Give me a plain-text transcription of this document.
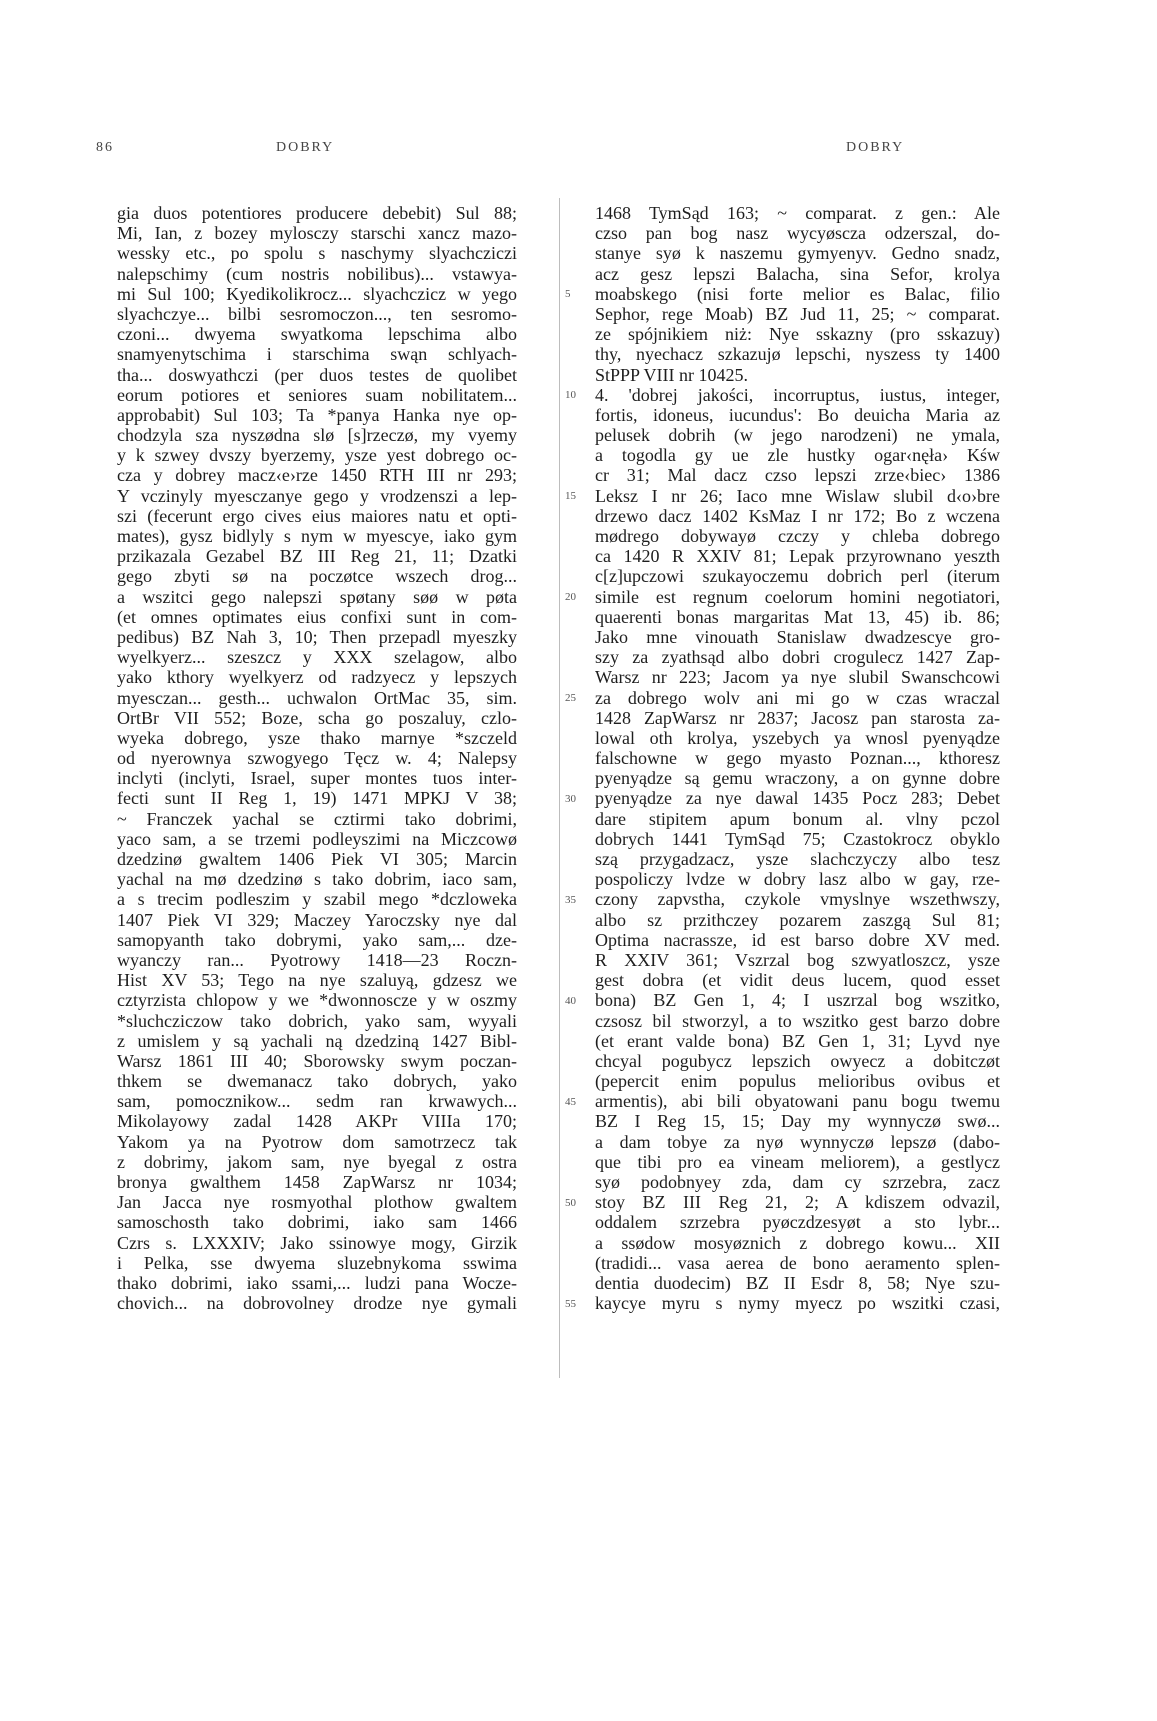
86	DOBRY	DOBRY
gia duos potentiores producere debebit) Sul 88;
Mi, Ian, z bozey mylosczy starschi xancz mazo-
wessky etc., po spolu s naschymy slyachcziczi
nalepschimy (cum nostris nobilibus)... vstawya-
mi Sul 100; Kyedikolikrocz... slyachczicz w yego
slyachczye... bilbi sesromoczon..., ten sesromo-
czoni... dwyema swyatkoma lepschima albo
snamyenytschima i starschima swąn schlyach-
tha... doswyathczi (per duos testes de quolibet
eorum potiores et seniores suam nobilitatem...
approbabit) Sul 103; Ta *panya Hanka nye op-
chodzyla sza nyszødna slø [s]rzeczø, my vyemy
y k szwey dvszy byerzemy, ysze yest dobrego oc-
cza y dobrey macz‹e›rze 1450 RTH III nr 293;
Y vczinyly myesczanye gego y vrodzenszi a lep-
szi (fecerunt ergo cives eius maiores natu et opti-
mates), gysz bidlyly s nym w myescye, iako gym
przikazala Gezabel BZ III Reg 21, 11; Dzatki
gego zbyti sø na poczøtce wszech drog...
a wszitci gego nalepszi spøtany søø w pøta
(et omnes optimates eius confixi sunt in com-
pedibus) BZ Nah 3, 10; Then przepadl myeszky
wyelkyerz... szeszcz y XXX szelagow, albo
yako kthory wyelkyerz od radzyecz y lepszych
myesczan... gesth... uchwalon OrtMac 35, sim.
OrtBr VII 552; Boze, scha go poszaluy, czlo-
wyeka dobrego, ysze thako marnye *szczeld
od nyerownya szwogyego Tęcz w. 4; Nalepsy
inclyti (inclyti, Israel, super montes tuos inter-
fecti sunt II Reg 1, 19) 1471 MPKJ V 38;
~ Franczek yachal se cztirmi tako dobrimi,
yaco sam, a se trzemi podleyszimi na Miczcowø
dzedzinø gwaltem 1406 Piek VI 305; Marcin
yachal na mø dzedzinø s tako dobrim, iaco sam,
a s trecim podleszim y szabil mego *dczloweka
1407 Piek VI 329; Maczey Yaroczsky nye dal
samopyanth tako dobrymi, yako sam,... dze-
wyanczy ran... Pyotrowy 1418—23 Roczn-
Hist XV 53; Tego na nye szaluyą, gdzesz we
cztyrzista chlopow y we *dwonnoscze y w oszmy
*sluchcziczow tako dobrich, yako sam, wyyali
z umislem y są yachali ną dzedziną 1427 Bibl-
Warsz 1861 III 40; Sborowsky swym poczan-
thkem se dwemanacz tako dobrych, yako
sam, pomocznikow... sedm ran krwawych...
Mikolayowy zadal 1428 AKPr VIIIa 170;
Yakom ya na Pyotrow dom samotrzecz tak
z dobrimy, jakom sam, nye byegal z ostra
bronya gwalthem 1458 ZapWarsz nr 1034;
Jan Jacca nye rosmyothal plothow gwaltem
samoschosth tako dobrimi, iako sam 1466
Czrs s. LXXXIV; Jako ssinowye mogy, Girzik
i Pelka, sse dwyema sluzebnykoma sswima
thako dobrimi, iako ssami,... ludzi pana Wocze-
chovich... na dobrovolney drodze nye gymali
5
10
15
20
25
30
35
40
45
50
55
1468 TymSąd 163; ~ comparat. z gen.: Ale
czso pan bog nasz wycyøscza odzerszal, do-
stanye syø k naszemu gymyenyv. Gedno snadz,
acz gesz lepszi Balacha, sina Sefor, krolya
moabskego (nisi forte melior es Balac, filio
Sephor, rege Moab) BZ Jud 11, 25; ~ comparat.
ze spójnikiem niż: Nye sskazny (pro sskazuy)
thy, nyechacz szkazujø lepschi, nyszess ty 1400
StPPP VIII nr 10425.
4. 'dobrej jakości, incorruptus, iustus, integer,
fortis, idoneus, iucundus': Bo deuicha Maria az
pelusek dobrih (w jego narodzeni) ne ymala,
a togodla gy ue zle hustky ogar‹nęła› Kśw
cr 31; Mal dacz czso lepszi zrze‹biec› 1386
Leksz I nr 26; Iaco mne Wislaw slubil d‹o›bre
drzewo dacz 1402 KsMaz I nr 172; Bo z wczena
mødrego dobywayø czczy y chleba dobrego
ca 1420 R XXIV 81; Lepak przyrownano yeszth
c[z]upczowi szukayoczemu dobrich perl (iterum
simile est regnum coelorum homini negotiatori,
quaerenti bonas margaritas Mat 13, 45) ib. 86;
Jako mne vinouath Stanislaw dwadzescye gro-
szy za zyathsąd albo dobri crogulecz 1427 Zap-
Warsz nr 223; Jacom ya nye slubil Swanschcowi
za dobrego wolv ani mi go w czas wraczal
1428 ZapWarsz nr 2837; Jacosz pan starosta za-
lowal oth krolya, yszebych ya wnosl pyenyądze
falschowne w gego myasto Poznan..., kthoresz
pyenyądze są gemu wraczony, a on gynne dobre
pyenyądze za nye dawal 1435 Pocz 283; Debet
dare stipitem apum bonum al. vlny pczol
dobrych 1441 TymSąd 75; Czastokrocz obyklo
szą przygadzacz, ysze slachczyczy albo tesz
pospoliczy lvdze w dobry lasz albo w gay, rze-
czony zapvstha, czykole vmyslnye wszethwszy,
albo sz przithczey pozarem zaszgą Sul 81;
Optima nacrassze, id est barso dobre XV med.
R XXIV 361; Vszrzal bog szwyatloszcz, ysze
gest dobra (et vidit deus lucem, quod esset
bona) BZ Gen 1, 4; I uszrzal bog wszitko,
czsosz bil stworzyl, a to wszitko gest barzo dobre
(et erant valde bona) BZ Gen 1, 31; Lyvd nye
chcyal pogubycz lepszich owyecz a dobitczøt
(pepercit enim populus melioribus ovibus et
armentis), abi bili obyatowani panu bogu twemu
BZ I Reg 15, 15; Day my wynnyczø swø...
a dam tobye za nyø wynnyczø lepszø (dabo-
que tibi pro ea vineam meliorem), a gestlycz
syø podobnyey zda, dam cy szrzebra, zacz
stoy BZ III Reg 21, 2; A kdiszem odvazil,
oddalem szrzebra pyøczdzesyøt a sto lybr...
a ssødow mosyøznich z dobrego kowu... XII
(tradidi... vasa aerea de bono aeramento splen-
dentia duodecim) BZ II Esdr 8, 58; Nye szu-
kaycye myru s nymy myecz po wszitki czasi,
